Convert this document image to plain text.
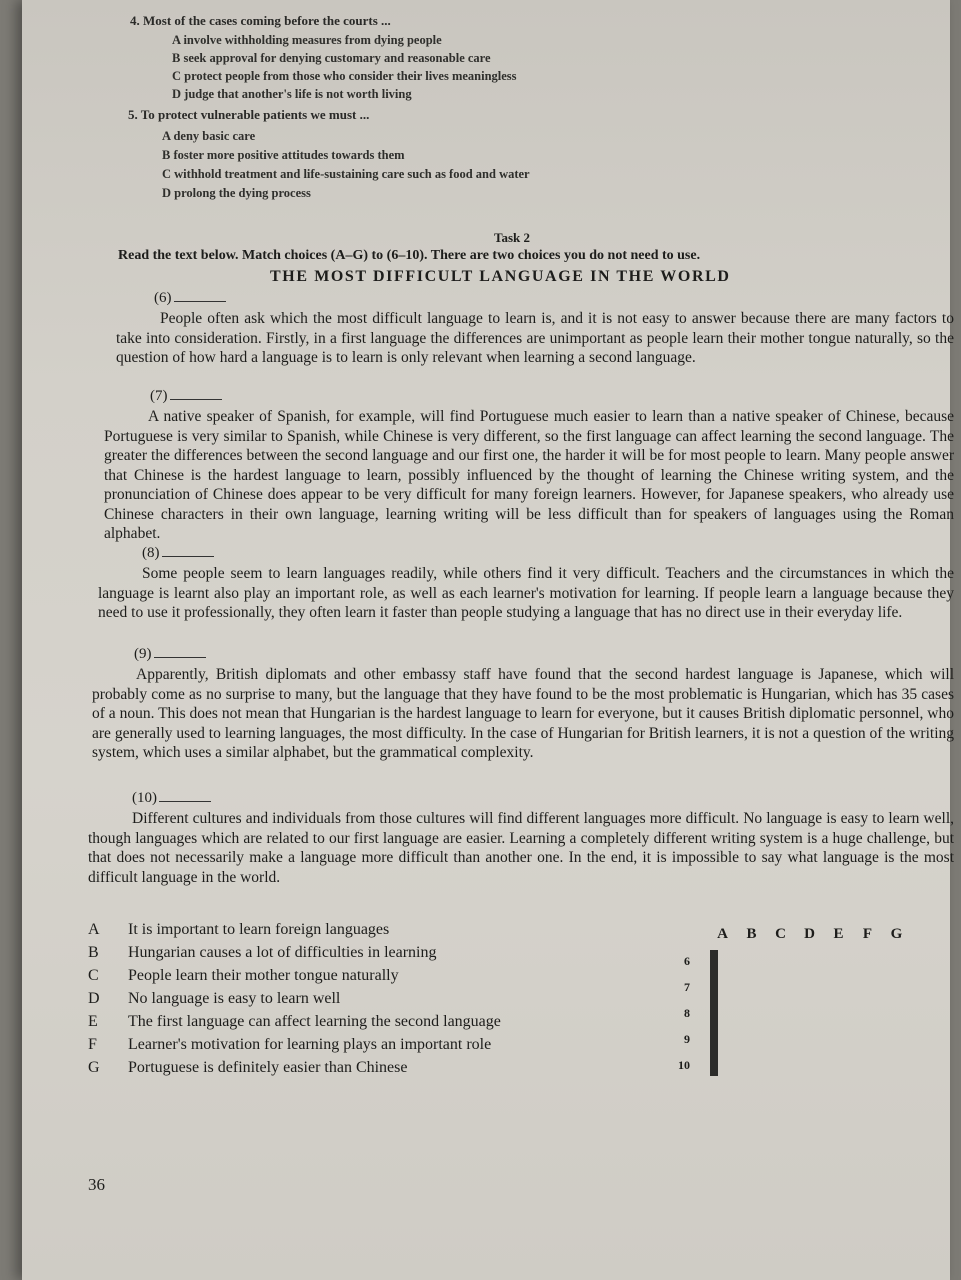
4. Most of the cases coming before the courts ...
A involve withholding measures from dying people
B seek approval for denying customary and reasonable care
C protect people from those who consider their lives meaningless
D judge that another's life is not worth living
5. To protect vulnerable patients we must ...
A deny basic care
B foster more positive attitudes towards them
C withhold treatment and life-sustaining care such as food and water
D prolong the dying process
Task 2
Read the text below. Match choices (A–G) to (6–10). There are two choices you do not need to use.
THE MOST DIFFICULT LANGUAGE IN THE WORLD
(6)

People often ask which the most difficult language to learn is, and it is not easy to answer because there are many factors to take into consideration. Firstly, in a first language the differences are unimportant as people learn their mother tongue naturally, so the question of how hard a language is to learn is only relevant when learning a second language.

(7)

A native speaker of Spanish, for example, will find Portuguese much easier to learn than a native speaker of Chinese, because Portuguese is very similar to Spanish, while Chinese is very different, so the first language can affect learning the second language. The greater the differences between the second language and our first one, the harder it will be for most people to learn. Many people answer that Chinese is the hardest language to learn, possibly influenced by the thought of learning the Chinese writing system, and the pronunciation of Chinese does appear to be very difficult for many foreign learners. However, for Japanese speakers, who already use Chinese characters in their own language, learning writing will be less difficult than for speakers of languages using the Roman alphabet.

(8)

Some people seem to learn languages readily, while others find it very difficult. Teachers and the circumstances in which the language is learnt also play an important role, as well as each learner's motivation for learning. If people learn a language because they need to use it professionally, they often learn it faster than people studying a language that has no direct use in their everyday life.

(9)

Apparently, British diplomats and other embassy staff have found that the second hardest language is Japanese, which will probably come as no surprise to many, but the language that they have found to be the most problematic is Hungarian, which has 35 cases of a noun. This does not mean that Hungarian is the hardest language to learn for everyone, but it causes British diplomatic personnel, who are generally used to learning languages, the most difficulty. In the case of Hungarian for British learners, it is not a question of the writing system, which uses a similar alphabet, but the grammatical complexity.

(10)

Different cultures and individuals from those cultures will find different languages more difficult. No language is easy to learn well, though languages which are related to our first language are easier. Learning a completely different writing system is a huge challenge, but that does not necessarily make a language more difficult than another one. In the end, it is impossible to say what language is the most difficult language in the world.

A It is important to learn foreign languages
B Hungarian causes a lot of difficulties in learning
C People learn their mother tongue naturally
D No language is easy to learn well
E The first language can affect learning the second language
F Learner's motivation for learning plays an important role
G Portuguese is definitely easier than Chinese
A B C D E F G
6
7
8
9
10

36
